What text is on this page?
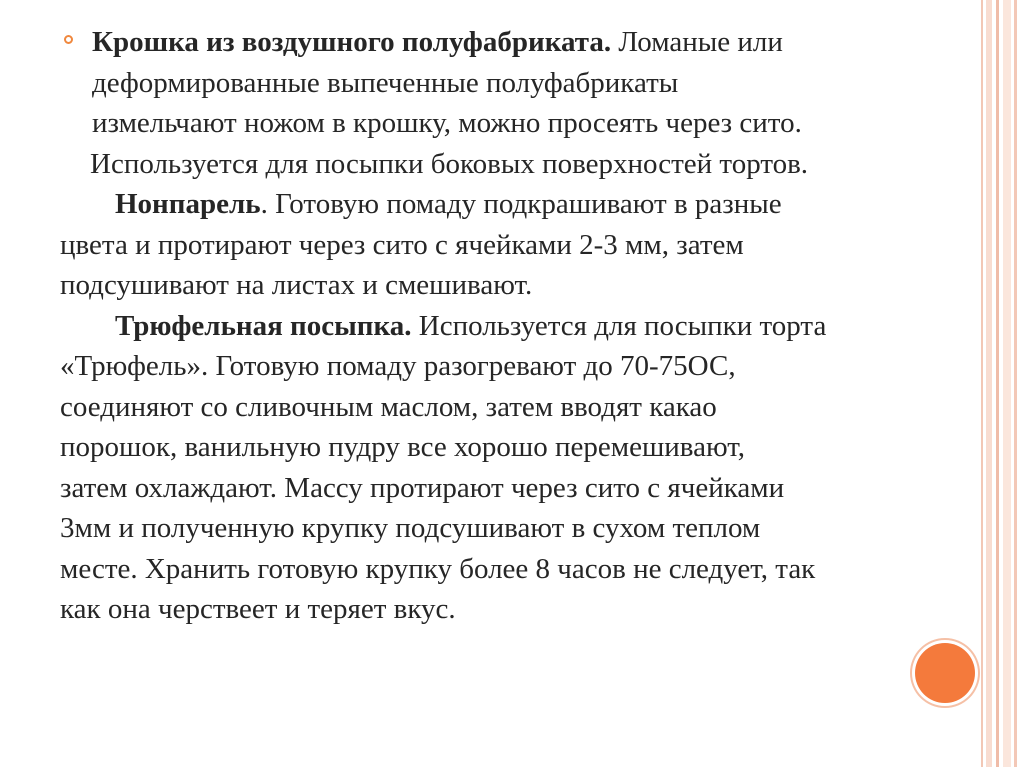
Крошка из воздушного полуфабриката. Ломаные или
деформированные выпеченные полуфабрикаты
измельчают ножом в крошку, можно просеять через сито.
Используется для посыпки боковых поверхностей тортов.
Нонпарель. Готовую помаду подкрашивают в разные
цвета и протирают через сито с ячейками 2-3 мм, затем
подсушивают на листах и смешивают.
Трюфельная посыпка. Используется для посыпки торта
«Трюфель». Готовую помаду разогревают до 70-75ОС,
соединяют со сливочным маслом, затем вводят какао
порошок, ванильную пудру все хорошо перемешивают,
затем охлаждают. Массу протирают через сито с ячейками
3мм и полученную крупку подсушивают в сухом теплом
месте. Хранить готовую крупку более 8 часов не следует, так
как она черствеет и теряет вкус.
